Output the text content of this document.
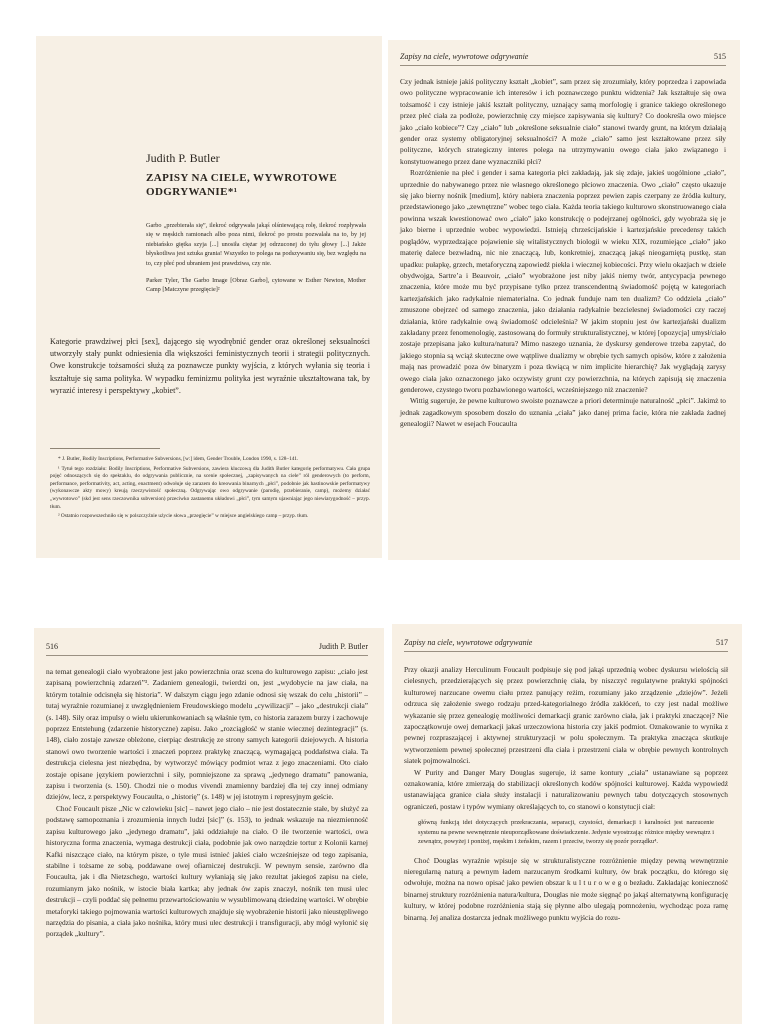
Judith P. Butler
ZAPISY NA CIELE, WYWROTOWE ODGRYWANIE*¹

Garbo „przebierała się”, ilekroć odgrywała jakąś olśniewającą rolę, ilekroć rozpływała się w męskich ramionach albo poza nimi, ilekroć po prostu pozwalała na to, by jej niebiańsko giętka szyja [...] unosiła ciężar jej odrzuconej do tyłu głowy [...] Jakże błyskotliwa jest sztuka grania! Wszystko to polega na podszywaniu się, bez względu na to, czy płeć pod ubraniem jest prawdziwa, czy nie.

Parker Tyler, The Garbo Image [Obraz Garbo], cytowane w Esther Newton, Mother Camp [Matczyne przegięcie]²

Kategorie prawdziwej płci [sex], dającego się wyodrębnić gender oraz określonej seksualności utworzyły stały punkt odniesienia dla większości feministycznych teorii i strategii politycznych. Owe konstrukcje tożsamości służą za poznawcze punkty wyjścia, z których wyłania się teoria i kształtuje się sama polityka. W wypadku feminizmu polityka jest wyraźnie ukształtowana tak, by wyrazić interesy i perspektywy „kobiet”.

* J. Butler, Bodily Inscriptions, Performative Subversions, [w:] idem, Gender Trouble, London 1990, s. 128–141.

¹ Tytuł tego rozdziału: Bodily Inscriptions, Performative Subversions, zawiera kluczową dla Judith Butler kategorię performatywu. Cała grupa pojęć odnoszących się do spektaklu, do odgrywania publicznie, na scenie społecznej, „zapisywanych na ciele” ról genderowych (to perform, performance, performativity, act, acting, enactment) odwołuje się zarazem do kreowania binarnych „płci”, podobnie jak hastinowskie performatywy (wykonawcze akty mowy) kreują rzeczywistość społeczną. Odgrywając owo odgrywanie (parodię, przebieranie, camp), możemy działać „wywrotowo” (skd jest sens rzeczownika subversion) przeciwko zastanemu układowi „płci”, tym samym ujawniając jego niewiarygodność – przyp. tłum.

² Ostatnio rozpowszechniło się w polszczyźnie użycie słowa „przegięcie” w miejsce angielskiego camp – przyp. tłum.

Zapisy na ciele, wywrotowe odgrywanie	515

Czy jednak istnieje jakiś polityczny kształt „kobiet”, sam przez się zrozumiały, który poprzedza i zapowiada owo polityczne wypracowanie ich interesów i ich poznawczego punktu widzenia? Jak kształtuje się owa tożsamość i czy istnieje jakiś kształt polityczny, uznający samą morfologię i granice takiego określonego przez płeć ciała za podłoże, powierzchnię czy miejsce zapisywania się kultury? Co dookreśla owo miejsce jako „ciało kobiece”? Czy „ciało” lub „określone seksualnie ciało” stanowi twardy grunt, na którym działają gender oraz systemy obligatoryjnej seksualności? A może „ciało” samo jest kształtowane przez siły polityczne, których strategiczny interes polega na utrzymywaniu owego ciała jako związanego i konstytuowanego przez dane wyznaczniki płci?

Rozróżnienie na płeć i gender i sama kategoria płci zakładają, jak się zdaje, jakieś uogólnione „ciało”, uprzednie do nabywanego przez nie własnego określonego płciowo znaczenia. Owo „ciało” często ukazuje się jako bierny nośnik [medium], który nabiera znaczenia poprzez pewien zapis czerpany ze źródła kultury, przedstawionego jako „zewnętrzne” wobec tego ciała. Każda teoria takiego kulturowo skonstruowanego ciała powinna wszak kwestionować owo „ciało” jako konstrukcję o podejrzanej ogólności, gdy wyobraża się je jako bierne i uprzednie wobec wypowiedzi. Istnieją chrześcijańskie i kartezjańskie precedensy takich poglądów, wyprzedzające pojawienie się witalistycznych biologii w wieku XIX, rozumiejące „ciało” jako materię dalece bezwładną, nic nie znaczącą, lub, konkretniej, znaczącą jakąś nieogarniętą pustkę, stan upadku: pułapkę, grzech, metaforyczną zapowiedź piekła i wiecznej kobiecości. Przy wielu okazjach w dziele obydwojga, Sartre’a i Beauvoir, „ciało” wyobrażone jest niby jakiś niemy twór, antycypacja pewnego znaczenia, które może mu być przypisane tylko przez transcendentną świadomość pojętą w kategoriach kartezjańskich jako radykalnie niematerialna. Co jednak funduje nam ten dualizm? Co oddziela „ciało” zmuszone obejrzeć od samego znaczenia, jako działania radykalnie bezcielesnej świadomości czy raczej działania, które radykalnie ową świadomość odcieleśnia? W jakim stopniu jest ów kartezjański dualizm zakładany przez fenomenologię, zastosowaną do formuły strukturalistycznej, w której [opozycja] umysł/ciało zostaje przepisana jako kultura/natura? Mimo naszego uznania, że dyskursy genderowe trzeba zapytać, do jakiego stopnia są wciąż skuteczne owe wątpliwe dualizmy w obrębie tych samych opisów, które z założenia mają nas prowadzić poza ów binaryzm i poza tkwiącą w nim implicite hierarchię? Jak wyglądają zarysy owego ciała jako oznaczonego jako oczywisty grunt czy powierzchnia, na których zapisują się znaczenia genderowe, czystego tworu pozbawionego wartości, wcześniejszego niż znaczenie?

Wittig sugeruje, że pewne kulturowo swoiste poznawcze a priori determinuje naturalność „płci”. Jakimż to jednak zagadkowym sposobem doszło do uznania „ciała” jako danej prima facie, która nie zakłada żadnej genealogii? Nawet w esejach Foucaulta

516	Judith P. Butler

na temat genealogii ciało wyobrażone jest jako powierzchnia oraz scena do kulturowego zapisu: „ciało jest zapisaną powierzchnią zdarzeń”³. Zadaniem genealogii, twierdzi on, jest „wydobycie na jaw ciała, na którym totalnie odcisnęła się historia”. W dalszym ciągu jego zdanie odnosi się wszak do celu „historii” – tutaj wyraźnie rozumianej z uwzględnieniem Freudowskiego modelu „cywilizacji” – jako „destrukcji ciała” (s. 148). Siły oraz impulsy o wielu ukierunkowaniach są właśnie tym, co historia zarazem burzy i zachowuje poprzez Entstehung (zdarzenie historyczne) zapisu. Jako „rozciągłość w stanie wiecznej dezintegracji” (s. 148), ciało zostaje zawsze obleżone, cierpiąc destrukcję ze strony samych kategorii dziejowych. A historia stanowi owo tworzenie wartości i znaczeń poprzez praktykę znaczącą, wymagającą poddaństwa ciała. Ta destrukcja cielesna jest niezbędna, by wytworzyć mówiący podmiot wraz z jego znaczeniami. Oto ciało zostaje opisane językiem powierzchni i siły, pomniejszone za sprawą „jedynego dramatu” panowania, zapisu i tworzenia (s. 150). Chodzi nie o modus vivendi znamienny bardziej dla tej czy innej odmiany dziejów, lecz, z perspektywy Foucaulta, o „historię” (s. 148) w jej istotnym i represyjnym geście.

Choć Foucault pisze „Nic w człowieku [sic] – nawet jego ciało – nie jest dostatecznie stałe, by służyć za podstawę samopoznania i zrozumienia innych ludzi [sic]” (s. 153), to jednak wskazuje na niezmienność zapisu kulturowego jako „jedynego dramatu”, jaki oddziałuje na ciało. O ile tworzenie wartości, owa historyczna forma znaczenia, wymaga destrukcji ciała, podobnie jak owo narzędzie tortur z Kolonii karnej Kafki niszczące ciało, na którym pisze, o tyle musi istnieć jakieś ciało wcześniejsze od tego zapisania, stabilne i tożsame ze sobą, poddawane owej ofiarniczej destrukcji. W pewnym sensie, zarówno dla Foucaulta, jak i dla Nietzschego, wartości kultury wyłaniają się jako rezultat jakiegoś zapisu na ciele, rozumianym jako nośnik, w istocie biała kartka; aby jednak ów zapis znaczył, nośnik ten musi ulec destrukcji – czyli poddać się pełnemu przewartościowaniu w wysublimowaną dziedzinę wartości. W obrębie metaforyki takiego pojmowania wartości kulturowych znajduje się wyobrażenie historii jako nieustępliwego narzędzia do pisania, a ciała jako nośnika, który musi ulec destrukcji i transfiguracji, aby mógł wyłonić się porządek „kultury”.

Zapisy na ciele, wywrotowe odgrywanie	517

Przy okazji analizy Herculinum Foucault podpisuje się pod jakąś uprzednią wobec dyskursu wielością sił cielesnych, przedzierających się przez powierzchnię ciała, by niszczyć regulatywne praktyki spójności kulturowej narzucane owemu ciału przez panujący reżim, rozumiany jako zrządzenie „dziejów”. Jeżeli odrzuca się założenie swego rodzaju przed-kategorialnego źródła zakłóceń, to czy jest nadal możliwe wykazanie się przez genealogię możliwości demarkacji granic zarówno ciała, jak i praktyki znaczącej? Nie zapoczątkowuje owej demarkacji jakaś urzeczowiona historia czy jakiś podmiot. Oznakowanie to wynika z pewnej rozpraszającej i aktywnej strukturyzacji w polu społecznym. Ta praktyka znacząca skutkuje wytworzeniem pewnej społecznej przestrzeni dla ciała i przestrzeni ciała w obrębie pewnych kontrolnych siatek pojmowalności.

W Purity and Danger Mary Douglas sugeruje, iż same kontury „ciała” ustanawiane są poprzez oznakowania, które zmierzają do stabilizacji określonych kodów spójności kulturowej. Każda wypowiedź ustanawiająca granice ciała służy instalacji i naturalizowaniu pewnych tabu dotyczących stosownych ograniczeń, postaw i typów wymiany określających to, co stanowi o konstytucji ciał:

główną funkcją idei dotyczących przekraczania, separacji, czystości, demarkacji i karalności jest narzucenie systemu na pewne wewnętrznie nieuporządkowane doświadczenie. Jedynie wyostrzając różnice między wewnątrz i zewnątrz, powyżej i poniżej, męskim i żeńskim, razem i przeciw, tworzy się pozór porządku⁴.

Choć Douglas wyraźnie wpisuje się w strukturalistyczne rozróżnienie między pewną wewnętrznie nieregularną naturą a pewnym ładem narzucanym środkami kultury, ów brak początku, do którego się odwołuje, można na nowo opisać jako pewien obszar k u l t u r o w e g o bezładu. Zakładając konieczność binarnej struktury rozróżnienia natura/kultura, Douglas nie może sięgnąć po jakąś alternatywną konfigurację kultury, w której podobne rozróżnienia stają się płynne albo ulegają pomnożeniu, wychodząc poza ramę binarną. Jej analiza dostarcza jednak możliwego punktu wyjścia do rozu-
